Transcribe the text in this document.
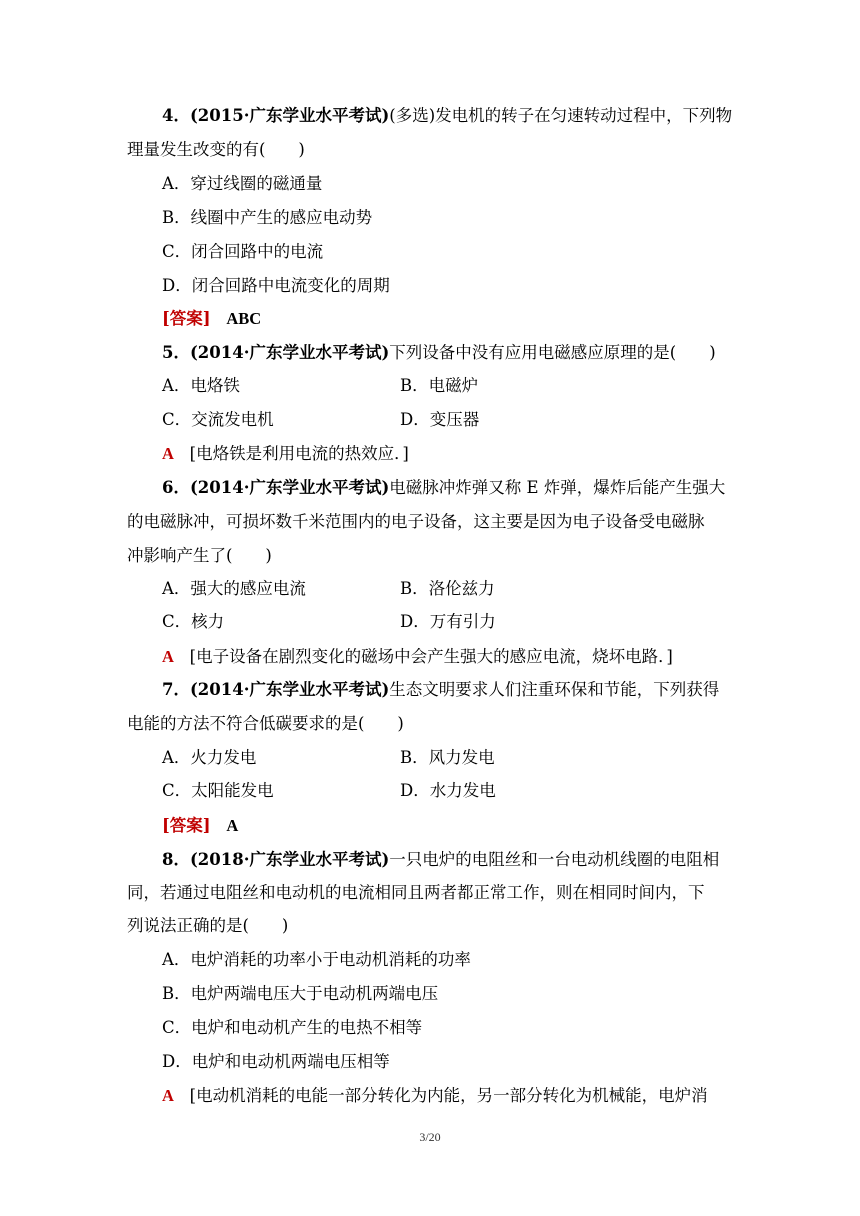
4．(2015·广东学业水平考试)(多选)发电机的转子在匀速转动过程中，下列物
理量发生改变的有(　　)
A．穿过线圈的磁通量
B．线圈中产生的感应电动势
C．闭合回路中的电流
D．闭合回路中电流变化的周期
[答案] ABC
5．(2014·广东学业水平考试)下列设备中没有应用电磁感应原理的是(　　)
A．电烙铁	B．电磁炉
C．交流发电机	D．变压器
A [电烙铁是利用电流的热效应．]
6．(2014·广东学业水平考试)电磁脉冲炸弹又称 E 炸弹，爆炸后能产生强大
的电磁脉冲，可损坏数千米范围内的电子设备，这主要是因为电子设备受电磁脉
冲影响产生了(　　)
A．强大的感应电流	B．洛伦兹力
C．核力	D．万有引力
A [电子设备在剧烈变化的磁场中会产生强大的感应电流，烧坏电路．]
7．(2014·广东学业水平考试)生态文明要求人们注重环保和节能，下列获得
电能的方法不符合低碳要求的是(　　)
A．火力发电	B．风力发电
C．太阳能发电	D．水力发电
[答案] A
8．(2018·广东学业水平考试)一只电炉的电阻丝和一台电动机线圈的电阻相
同，若通过电阻丝和电动机的电流相同且两者都正常工作，则在相同时间内，下
列说法正确的是(　　)
A．电炉消耗的功率小于电动机消耗的功率
B．电炉两端电压大于电动机两端电压
C．电炉和电动机产生的电热不相等
D．电炉和电动机两端电压相等
A [电动机消耗的电能一部分转化为内能，另一部分转化为机械能，电炉消
3/20
